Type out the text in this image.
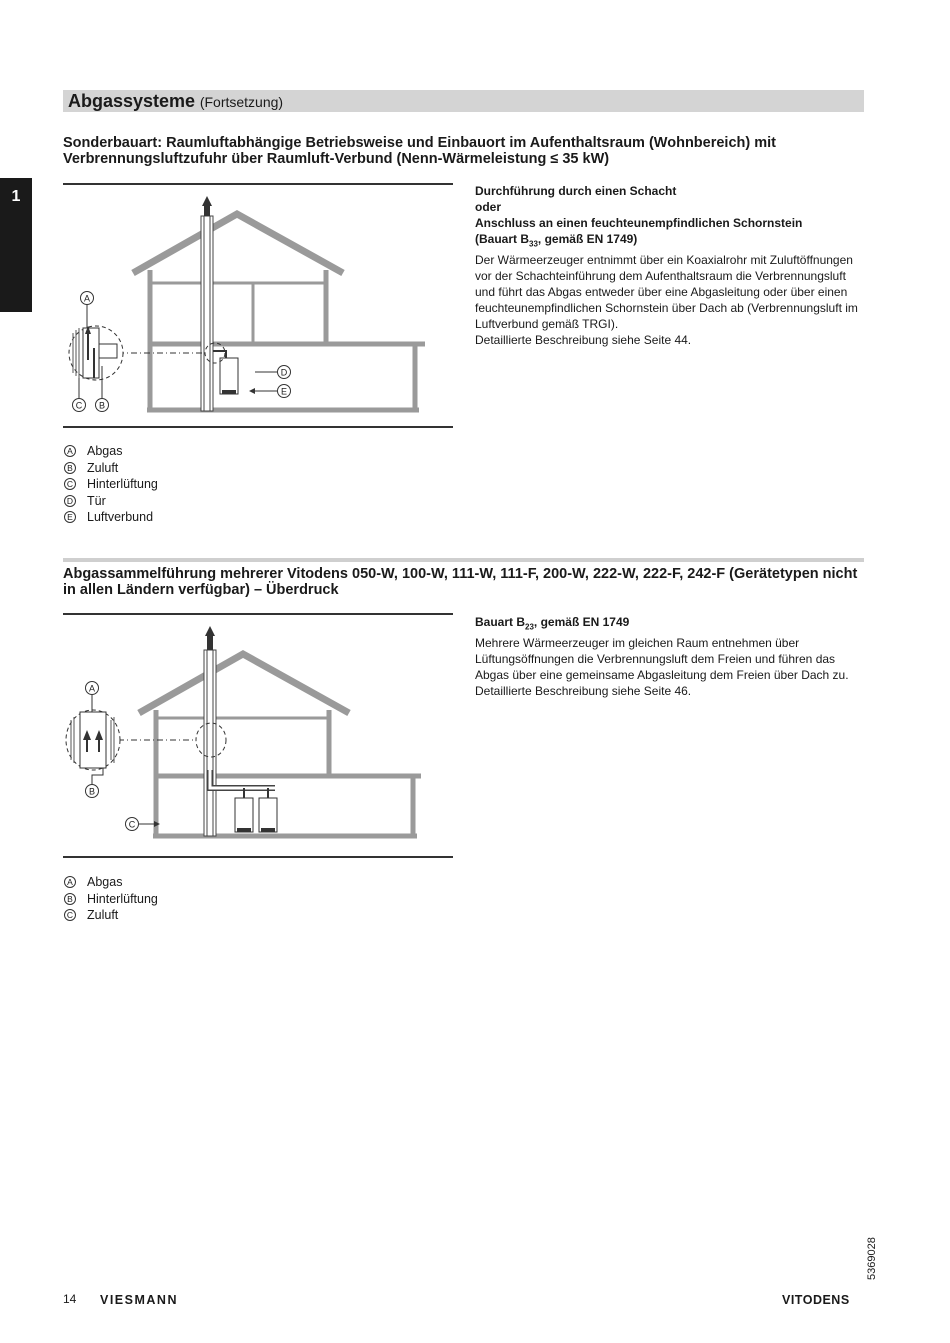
Abgassysteme (Fortsetzung)
1
Sonderbauart: Raumluftabhängige Betriebsweise und Einbauort im Aufenthaltsraum (Wohnbereich) mit Verbrennungsluftzufuhr über Raumluft-Verbund (Nenn-Wärmeleistung ≤ 35 kW)
A
C B
D
E

Durchführung durch einen Schacht

oder

Anschluss an einen feuchteunempfindlichen Schornstein

(Bauart $B_{33}$, gemäß EN 1749)

Der Wärmeerzeuger entnimmt über ein Koaxialrohr mit Zuluftöffnungen vor der Schachteinführung dem Aufenthaltsraum die Verbrennungsluft und führt das Abgas entweder über eine Abgasleitung oder über einen feuchteunempfindlichen Schornstein über Dach ab (Verbrennungsluft im Luftverbund gemäß TRGI).

Detaillierte Beschreibung siehe Seite 44.

A Abgas
B Zuluft
C Hinterlüftung
D Tür
E Luftverbund
Abgassammelführung mehrerer Vitodens 050-W, 100-W, 111-W, 111-F, 200-W, 222-W, 222-F, 242-F (Gerätetypen nicht in allen Ländern verfügbar) – Überdruck
A
B
C

Bauart $B_{23}$, gemäß EN 1749

Mehrere Wärmeerzeuger im gleichen Raum entnehmen über Lüftungsöffnungen die Verbrennungsluft dem Freien und führen das Abgas über eine gemeinsame Abgasleitung dem Freien über Dach zu.

Detaillierte Beschreibung siehe Seite 46.

A Abgas
B Hinterlüftung
C Zuluft
5369028
14 VIESMANN	VITODENS
